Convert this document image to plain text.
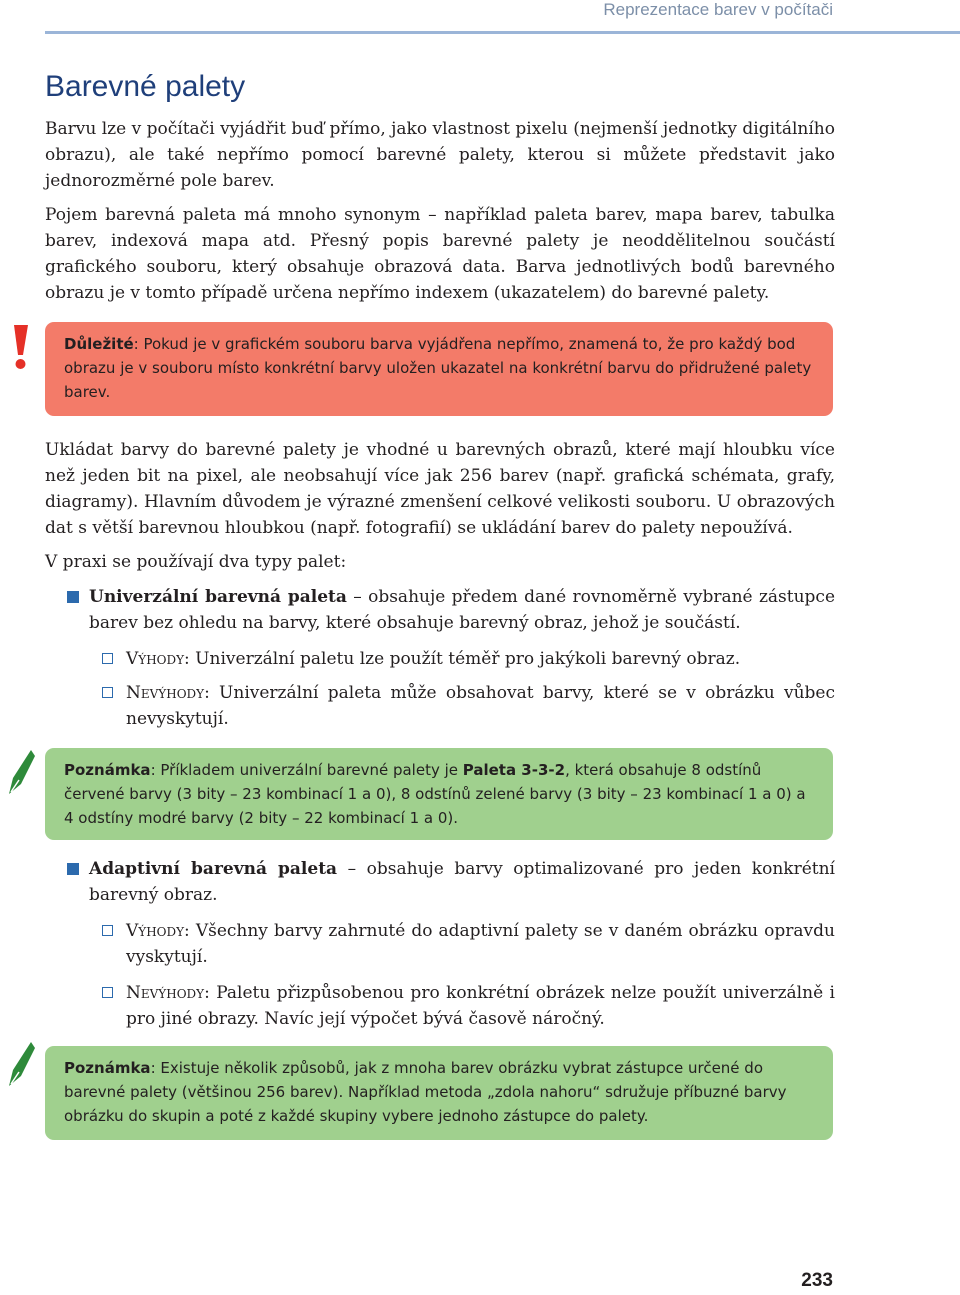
Reprezentace barev v počítači
Barevné palety

Barvu lze v počítači vyjádřit buď přímo, jako vlastnost pixelu (nejmenší jednotky digitálního obrazu), ale také nepřímo pomocí barevné palety, kterou si můžete představit jako jednorozměrné pole barev.

Pojem barevná paleta má mnoho synonym – například paleta barev, mapa barev, tabulka barev, indexová mapa atd. Přesný popis barevné palety je neoddělitelnou součástí grafického souboru, který obsahuje obrazová data. Barva jednotlivých bodů barevného obrazu je v tomto případě určena nepřímo indexem (ukazatelem) do barevné palety.

Důležité: Pokud je v grafickém souboru barva vyjádřena nepřímo, znamená to, že pro každý bod obrazu je v souboru místo konkrétní barvy uložen ukazatel na konkrétní barvu do přidružené palety barev.

Ukládat barvy do barevné palety je vhodné u barevných obrazů, které mají hloubku více než jeden bit na pixel, ale neobsahují více jak 256 barev (např. grafická schémata, grafy, diagramy). Hlavním důvodem je výrazné zmenšení celkové velikosti souboru. U obrazových dat s větší barevnou hloubkou (např. fotografií) se ukládání barev do palety nepoužívá.

V praxi se používají dva typy palet:

Univerzální barevná paleta – obsahuje předem dané rovnoměrně vybrané zástupce barev bez ohledu na barvy, které obsahuje barevný obraz, jehož je součástí.
Výhody: Univerzální paletu lze použít téměř pro jakýkoli barevný obraz.
Nevýhody: Univerzální paleta může obsahovat barvy, které se v obrázku vůbec nevyskytují.
Poznámka: Příkladem univerzální barevné palety je Paleta 3-3-2, která obsahuje 8 odstínů červené barvy (3 bity – 23 kombinací 1 a 0), 8 odstínů zelené barvy (3 bity – 23 kombinací 1 a 0) a 4 odstíny modré barvy (2 bity – 22 kombinací 1 a 0).
Adaptivní barevná paleta – obsahuje barvy optimalizované pro jeden konkrétní barevný obraz.
Výhody: Všechny barvy zahrnuté do adaptivní palety se v daném obrázku opravdu vyskytují.
Nevýhody: Paletu přizpůsobenou pro konkrétní obrázek nelze použít univerzálně i pro jiné obrazy. Navíc její výpočet bývá časově náročný.
Poznámka: Existuje několik způsobů, jak z mnoha barev obrázku vybrat zástupce určené do barevné palety (většinou 256 barev). Například metoda „zdola nahoru“ sdružuje příbuzné barvy obrázku do skupin a poté z každé skupiny vybere jednoho zástupce do palety.

233
